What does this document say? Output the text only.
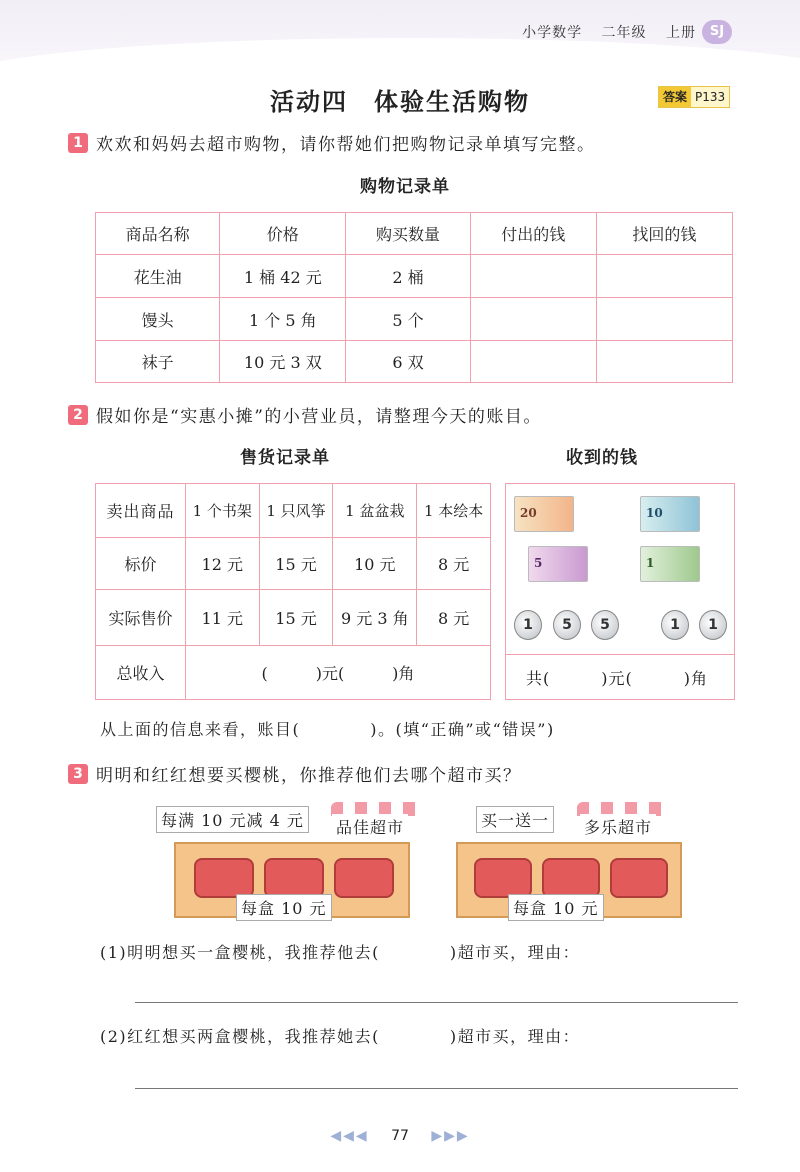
小学数学 二年级 上册	SJ
活动四　体验生活购物	答案 P133
1 欢欢和妈妈去超市购物，请你帮她们把购物记录单填写完整。
购物记录单
商品名称	价格	购买数量	付出的钱	找回的钱
花生油	1 桶 42 元	2 桶		
馒头	1 个 5 角	5 个		
袜子	10 元 3 双	6 双		
2 假如你是“实惠小摊”的小营业员，请整理今天的账目。
售货记录单	收到的钱
卖出商品	1 个书架	1 只风筝	1 盆盆栽	1 本绘本
标价	12 元	15 元	10 元	8 元
实际售价	11 元	15 元	9 元 3 角	8 元
总收入	(　　　)元(　　　)角			
20	10
5	1
1	5	5	1	1
共(　　　)元(　　　)角
从上面的信息来看，账目(　　　　)。(填“正确”或“错误”)
3 明明和红红想要买樱桃，你推荐他们去哪个超市买？
每满 10 元减 4 元	品佳超市
每盒 10 元
买一送一	多乐超市
每盒 10 元
(1)明明想买一盒樱桃，我推荐他去(　　　　)超市买，理由：
(2)红红想买两盒樱桃，我推荐她去(　　　　)超市买，理由：
◀◀◀ 77 ▶▶▶
